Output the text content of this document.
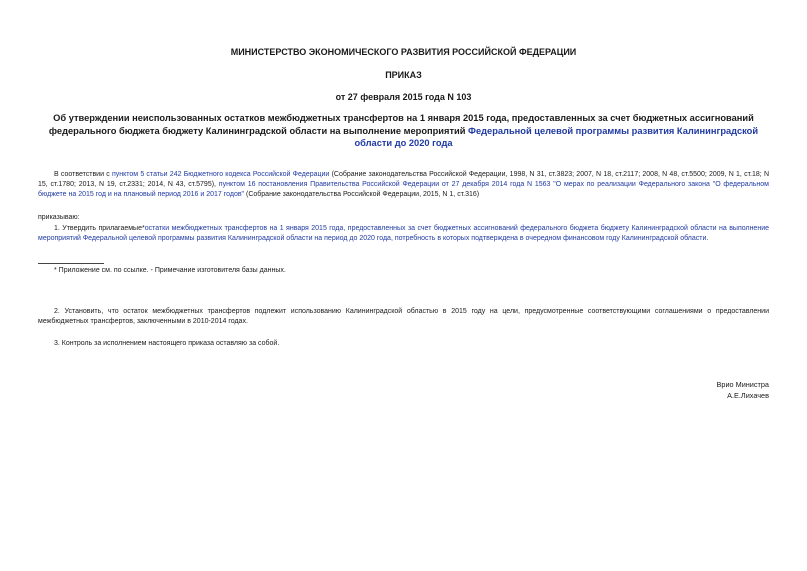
МИНИСТЕРСТВО ЭКОНОМИЧЕСКОГО РАЗВИТИЯ РОССИЙСКОЙ ФЕДЕРАЦИИ
ПРИКАЗ
от 27 февраля 2015 года N 103
Об утверждении неиспользованных остатков межбюджетных трансфертов на 1 января 2015 года, предоставленных за счет бюджетных ассигнований федерального бюджета бюджету Калининградской области на выполнение мероприятий Федеральной целевой программы развития Калининградской области до 2020 года
В соответствии с пунктом 5 статьи 242 Бюджетного кодекса Российской Федерации (Собрание законодательства Российской Федерации, 1998, N 31, ст.3823; 2007, N 18, ст.2117; 2008, N 48, ст.5500; 2009, N 1, ст.18; N 15, ст.1780; 2013, N 19, ст.2331; 2014, N 43, ст.5795), пунктом 16 постановления Правительства Российской Федерации от 27 декабря 2014 года N 1563 "О мерах по реализации Федерального закона "О федеральном бюджете на 2015 год и на плановый период 2016 и 2017 годов" (Собрание законодательства Российской Федерации, 2015, N 1, ст.316)
приказываю:
1. Утвердить прилагаемые*остатки межбюджетных трансфертов на 1 января 2015 года, предоставленных за счет бюджетных ассигнований федерального бюджета бюджету Калининградской области на выполнение мероприятий Федеральной целевой программы развития Калининградской области на период до 2020 года, потребность в которых подтверждена в очередном финансовом году Калининградской области.
* Приложение см. по ссылке. - Примечание изготовителя базы данных.
2. Установить, что остаток межбюджетных трансфертов подлежит использованию Калининградской областью в 2015 году на цели, предусмотренные соответствующими соглашениями о предоставлении межбюджетных трансфертов, заключенными в 2010-2014 годах.
3. Контроль за исполнением настоящего приказа оставляю за собой.
Врио Министра
А.Е.Лихачев
